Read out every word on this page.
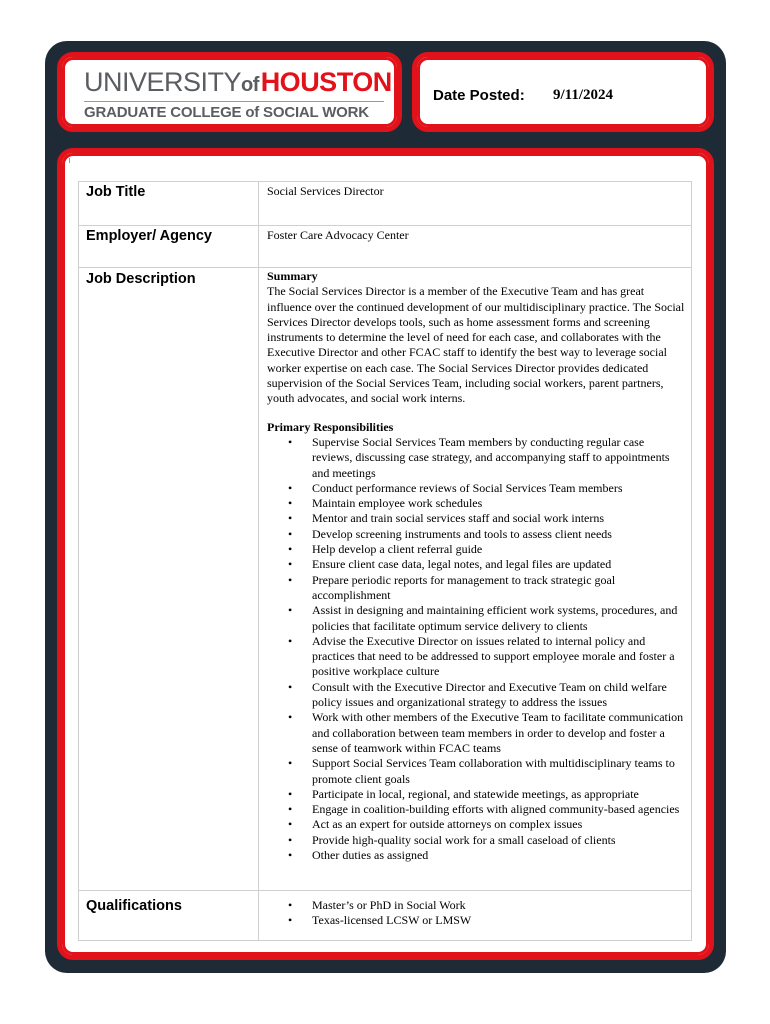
UNIVERSITYof HOUSTON
GRADUATE COLLEGE of SOCIAL WORK
Date Posted: 9/11/2024
Job Title	Social Services Director
Employer/ Agency	Foster Care Advocacy Center
Job Description	Summary

The Social Services Director is a member of the Executive Team and has great influence over the continued development of our multidisciplinary practice. The Social Services Director develops tools, such as home assessment forms and screening instruments to determine the level of need for each case, and collaborates with the Executive Director and other FCAC staff to identify the best way to leverage social worker expertise on each case. The Social Services Director provides dedicated supervision of the Social Services Team, including social workers, parent partners, youth advocates, and social work interns.

Primary Responsibilities

• Supervise Social Services Team members by conducting regular case reviews, discussing case strategy, and accompanying staff to appointments and meetings
• Conduct performance reviews of Social Services Team members
• Maintain employee work schedules
• Mentor and train social services staff and social work interns
• Develop screening instruments and tools to assess client needs
• Help develop a client referral guide
• Ensure client case data, legal notes, and legal files are updated
• Prepare periodic reports for management to track strategic goal accomplishment
• Assist in designing and maintaining efficient work systems, procedures, and policies that facilitate optimum service delivery to clients
• Advise the Executive Director on issues related to internal policy and practices that need to be addressed to support employee morale and foster a positive workplace culture
• Consult with the Executive Director and Executive Team on child welfare policy issues and organizational strategy to address the issues
• Work with other members of the Executive Team to facilitate communication and collaboration between team members in order to develop and foster a sense of teamwork within FCAC teams
• Support Social Services Team collaboration with multidisciplinary teams to promote client goals
• Participate in local, regional, and statewide meetings, as appropriate
• Engage in coalition-building efforts with aligned community-based agencies
• Act as an expert for outside attorneys on complex issues
• Provide high-quality social work for a small caseload of clients
• Other duties as assigned
Qualifications
•	Master’s or PhD in Social Work
• Texas-licensed LCSW or LMSW
